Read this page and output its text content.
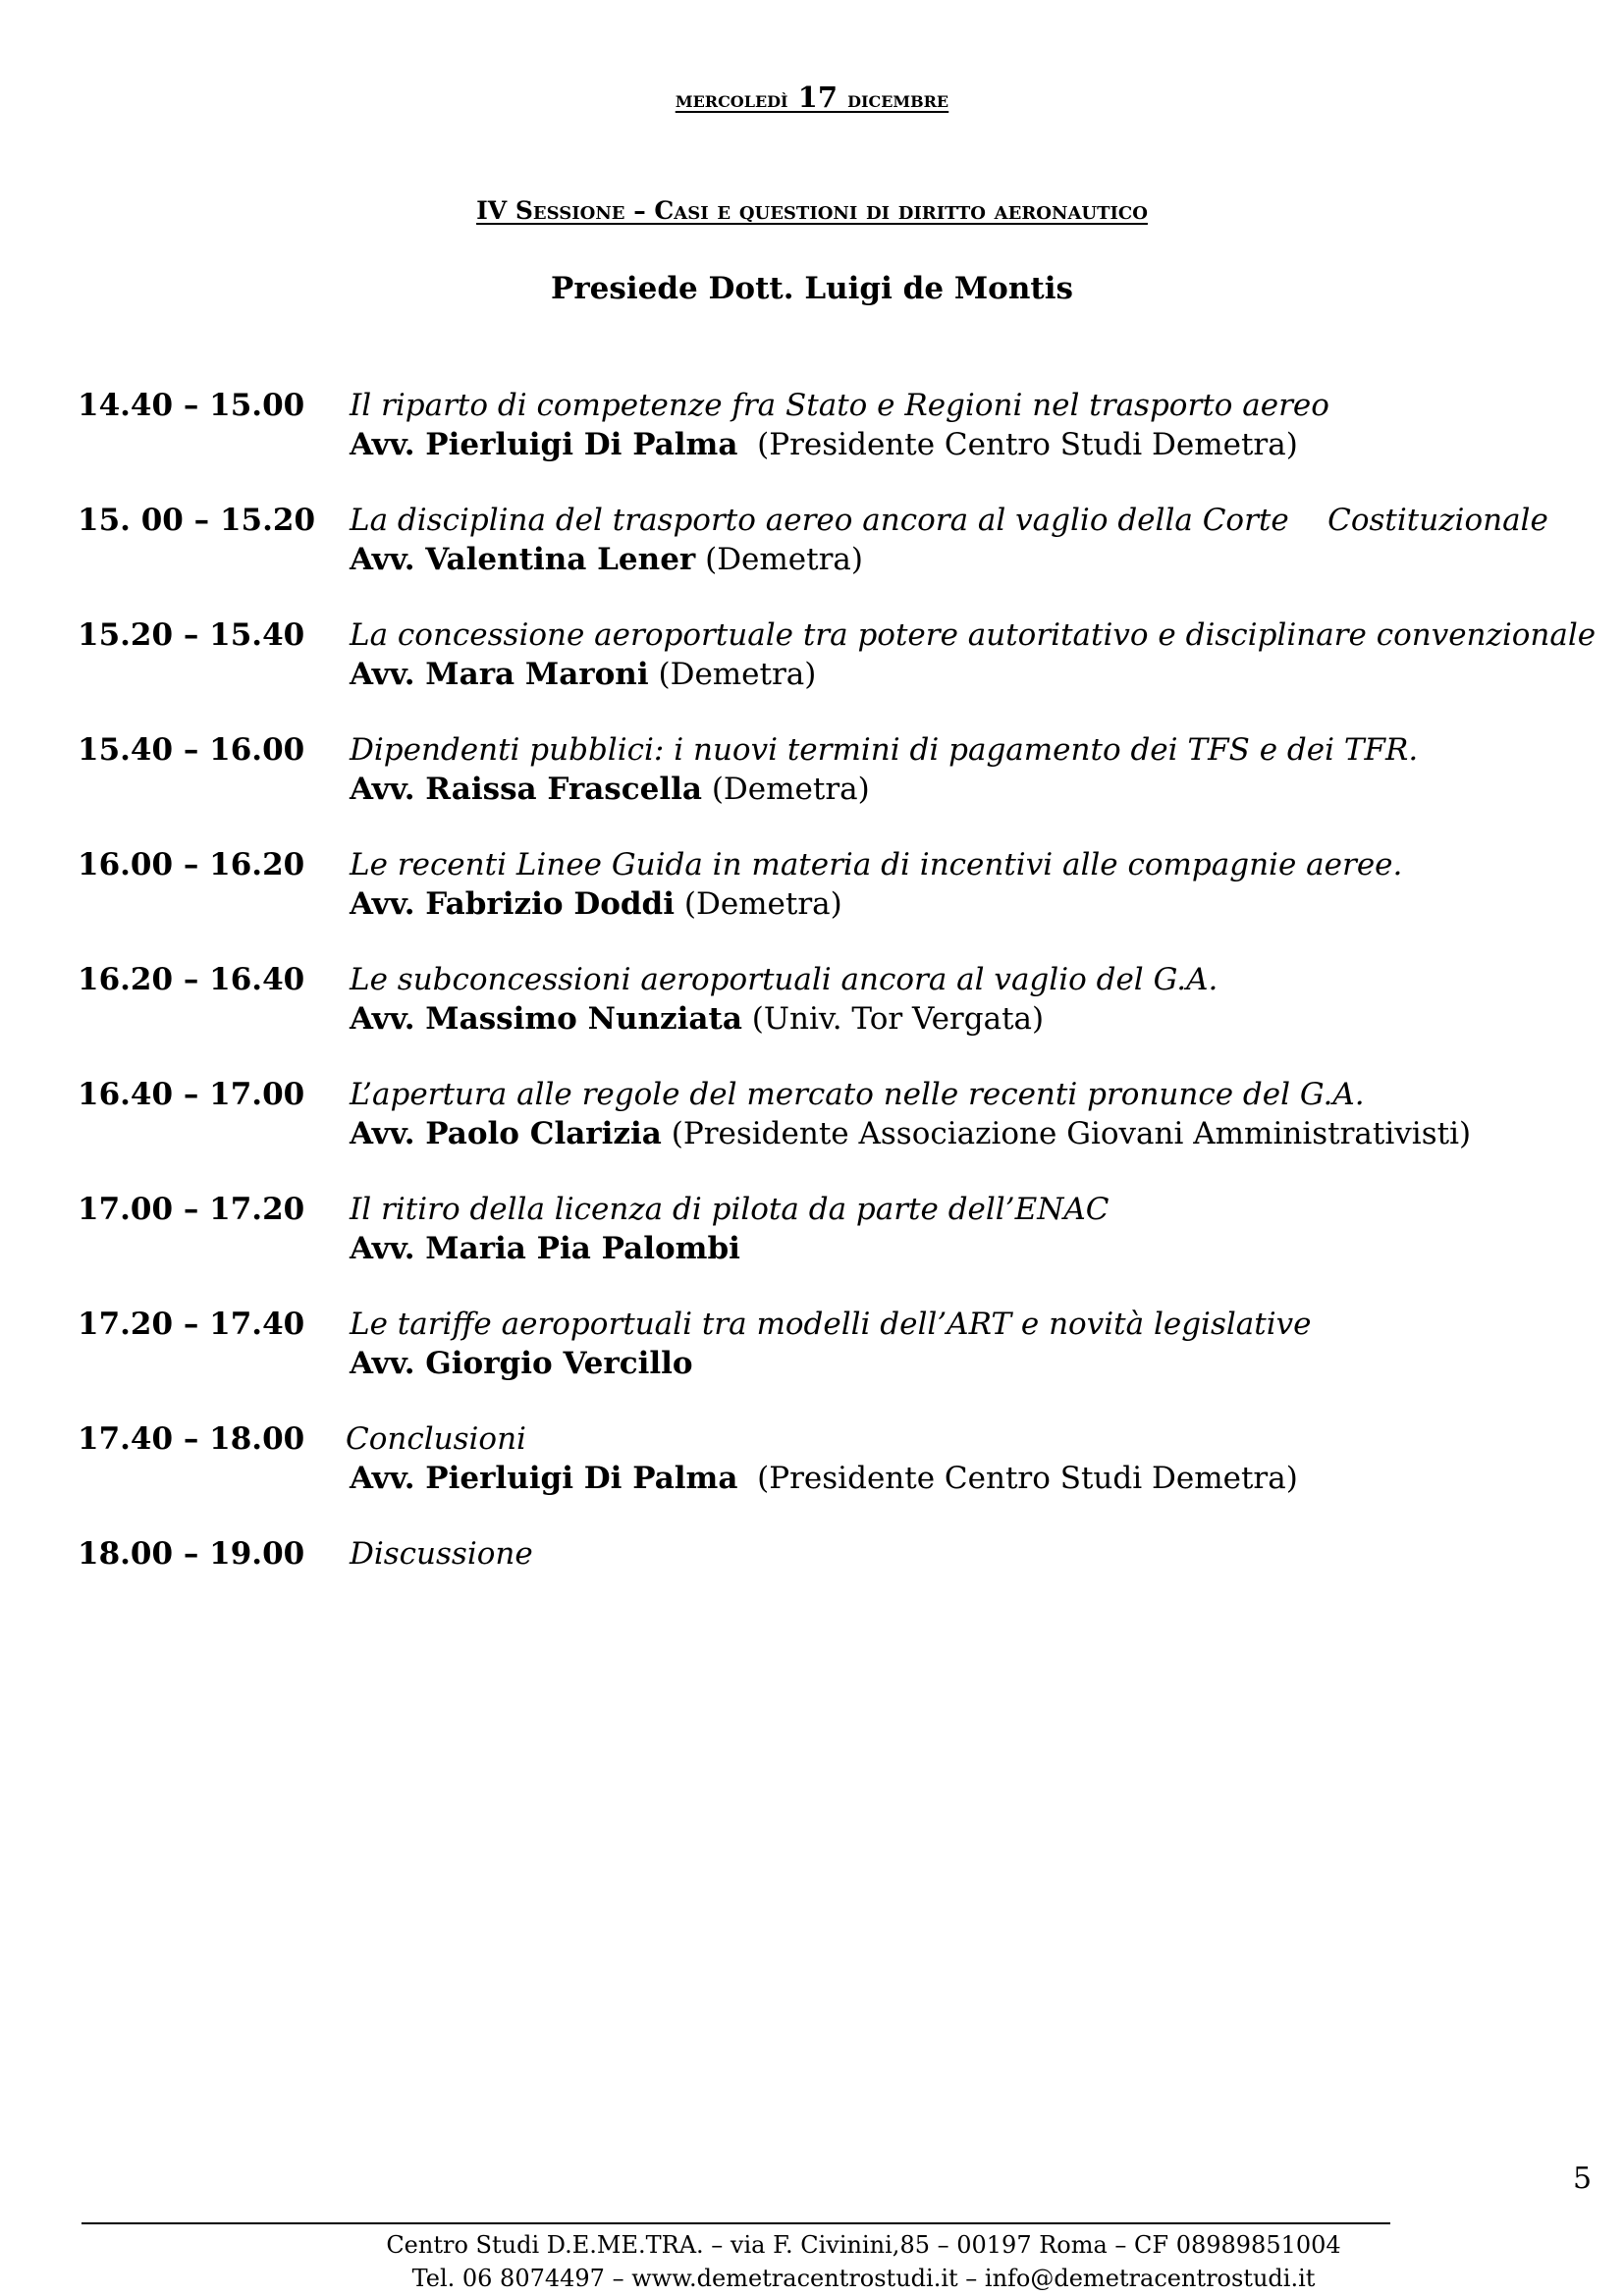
mercoledì 17 dicembre
IV Sessione – Casi e questioni di diritto aeronautico
Presiede Dott. Luigi de Montis
14.40 – 15.00	Il riparto di competenze fra Stato e Regioni nel trasporto aereo
Avv. Pierluigi Di Palma  (Presidente Centro Studi Demetra)
15. 00 – 15.20	La disciplina del trasporto aereo ancora al vaglio della Corte    Costituzionale
Avv. Valentina Lener (Demetra)
15.20 – 15.40	La concessione aeroportuale tra potere autoritativo e disciplinare convenzionale
Avv. Mara Maroni (Demetra)
15.40 – 16.00	Dipendenti pubblici: i nuovi termini di pagamento dei TFS e dei TFR.
Avv. Raissa Frascella (Demetra)
16.00 – 16.20	Le recenti Linee Guida in materia di incentivi alle compagnie aeree.
Avv. Fabrizio Doddi (Demetra)
16.20 – 16.40	Le subconcessioni aeroportuali ancora al vaglio del G.A.
Avv. Massimo Nunziata (Univ. Tor Vergata)
16.40 – 17.00	L’apertura alle regole del mercato nelle recenti pronunce del G.A.
Avv. Paolo Clarizia (Presidente Associazione Giovani Amministrativisti)
17.00 – 17.20	Il ritiro della licenza di pilota da parte dell’ENAC
Avv. Maria Pia Palombi
17.20 – 17.40	Le tariffe aeroportuali tra modelli dell’ART e novità legislative
Avv. Giorgio Vercillo
17.40 – 18.00	Conclusioni
Avv. Pierluigi Di Palma  (Presidente Centro Studi Demetra)
18.00 – 19.00	Discussione
5
Centro Studi D.E.ME.TRA. – via F. Civinini,85 – 00197 Roma – CF 08989851004
Tel. 06 8074497 – www.demetracentrostudi.it – info@demetracentrostudi.it
